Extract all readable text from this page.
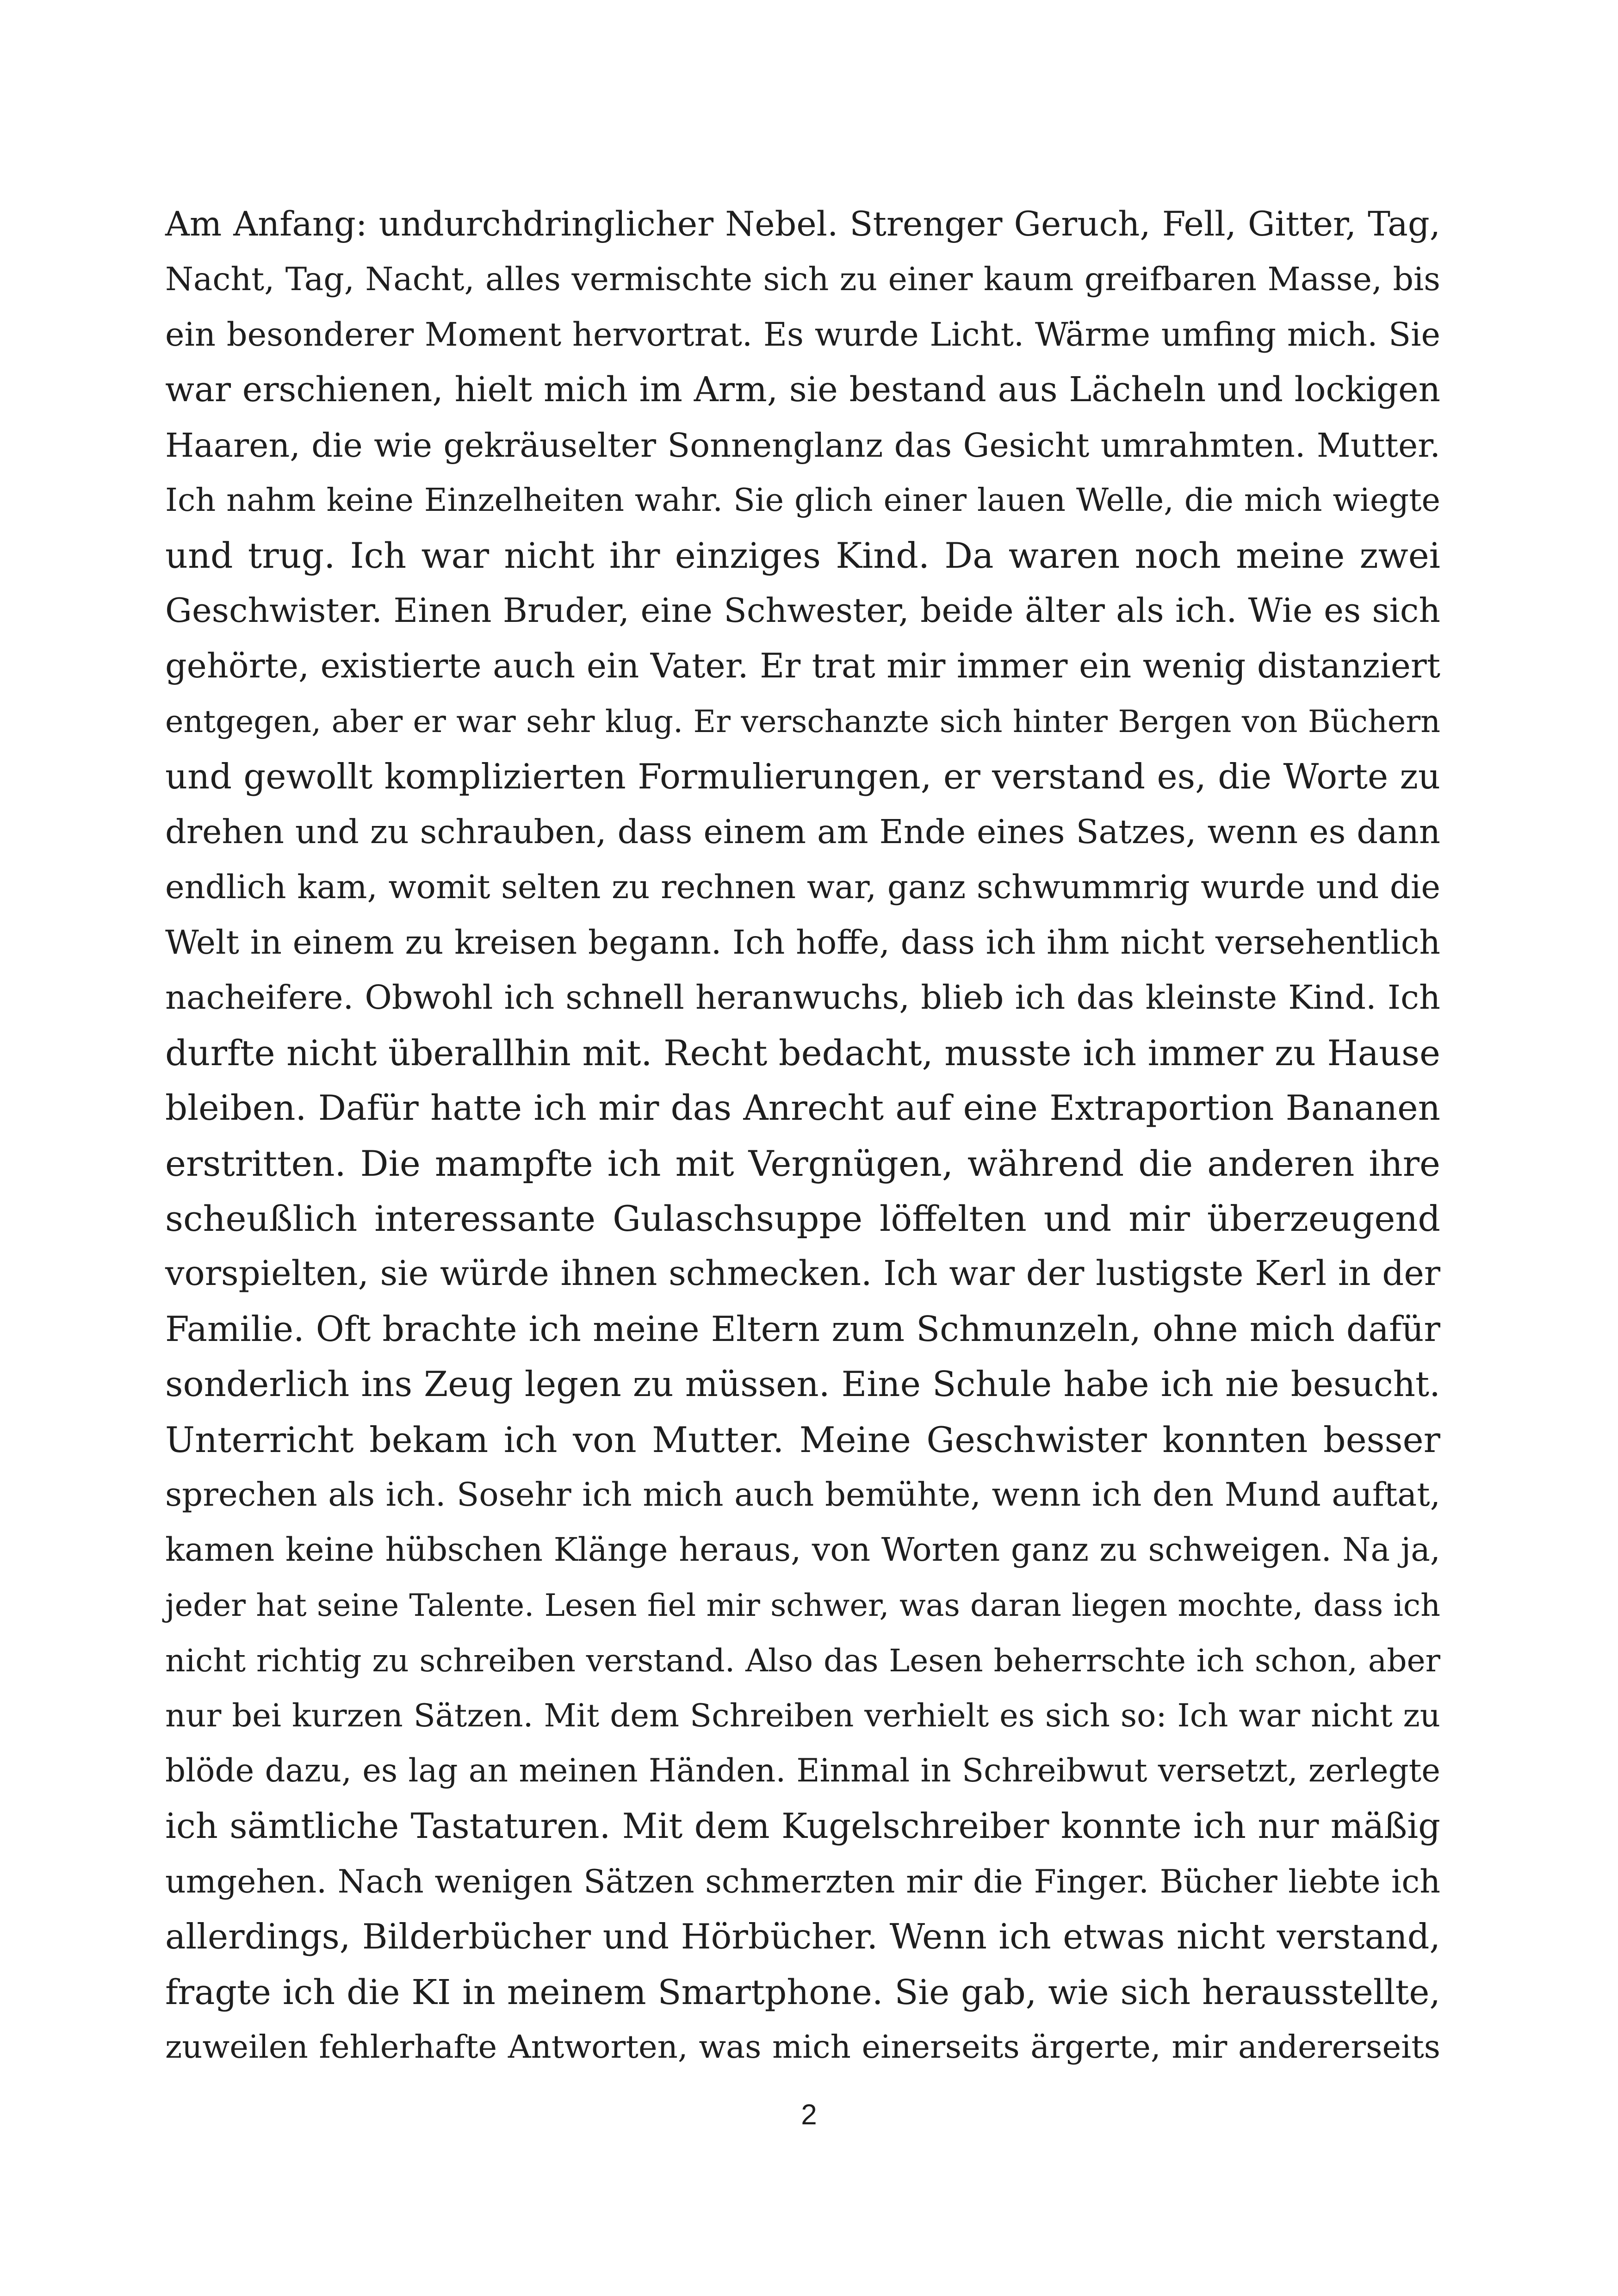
Am Anfang: undurchdringlicher Nebel. Strenger Geruch, Fell, Gitter, Tag,
Nacht, Tag, Nacht, alles vermischte sich zu einer kaum greifbaren Masse, bis
ein besonderer Moment hervortrat. Es wurde Licht. Wärme umfing mich. Sie
war erschienen, hielt mich im Arm, sie bestand aus Lächeln und lockigen
Haaren, die wie gekräuselter Sonnenglanz das Gesicht umrahmten. Mutter.
Ich nahm keine Einzelheiten wahr. Sie glich einer lauen Welle, die mich wiegte
und trug. Ich war nicht ihr einziges Kind. Da waren noch meine zwei
Geschwister. Einen Bruder, eine Schwester, beide älter als ich. Wie es sich
gehörte, existierte auch ein Vater. Er trat mir immer ein wenig distanziert
entgegen, aber er war sehr klug. Er verschanzte sich hinter Bergen von Büchern
und gewollt komplizierten Formulierungen, er verstand es, die Worte zu
drehen und zu schrauben, dass einem am Ende eines Satzes, wenn es dann
endlich kam, womit selten zu rechnen war, ganz schwummrig wurde und die
Welt in einem zu kreisen begann. Ich hoffe, dass ich ihm nicht versehentlich
nacheifere. Obwohl ich schnell heranwuchs, blieb ich das kleinste Kind. Ich
durfte nicht überallhin mit. Recht bedacht, musste ich immer zu Hause
bleiben. Dafür hatte ich mir das Anrecht auf eine Extraportion Bananen
erstritten. Die mampfte ich mit Vergnügen, während die anderen ihre
scheußlich interessante Gulaschsuppe löffelten und mir überzeugend
vorspielten, sie würde ihnen schmecken. Ich war der lustigste Kerl in der
Familie. Oft brachte ich meine Eltern zum Schmunzeln, ohne mich dafür
sonderlich ins Zeug legen zu müssen. Eine Schule habe ich nie besucht.
Unterricht bekam ich von Mutter. Meine Geschwister konnten besser
sprechen als ich. Sosehr ich mich auch bemühte, wenn ich den Mund auftat,
kamen keine hübschen Klänge heraus, von Worten ganz zu schweigen. Na ja,
jeder hat seine Talente. Lesen fiel mir schwer, was daran liegen mochte, dass ich
nicht richtig zu schreiben verstand. Also das Lesen beherrschte ich schon, aber
nur bei kurzen Sätzen. Mit dem Schreiben verhielt es sich so: Ich war nicht zu
blöde dazu, es lag an meinen Händen. Einmal in Schreibwut versetzt, zerlegte
ich sämtliche Tastaturen. Mit dem Kugelschreiber konnte ich nur mäßig
umgehen. Nach wenigen Sätzen schmerzten mir die Finger. Bücher liebte ich
allerdings, Bilderbücher und Hörbücher. Wenn ich etwas nicht verstand,
fragte ich die KI in meinem Smartphone. Sie gab, wie sich herausstellte,
zuweilen fehlerhafte Antworten, was mich einerseits ärgerte, mir andererseits
2
